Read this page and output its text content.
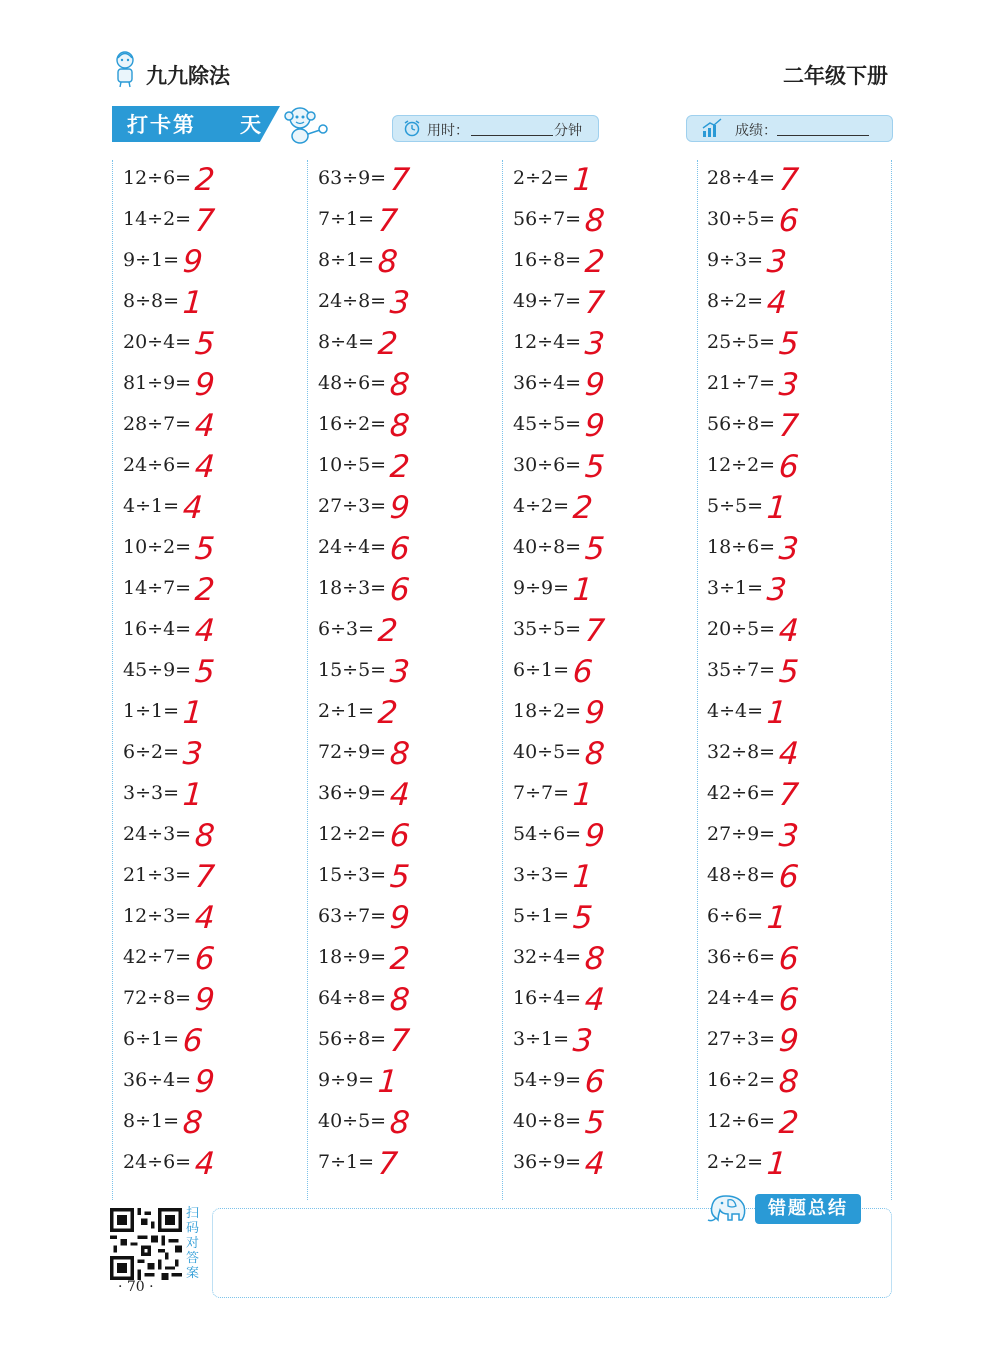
九九除法	二年级下册
打卡第 天	用时：	分钟	成绩：
12÷6= 2
14÷2= 7
9÷1= 9
8÷8= 1
20÷4= 5
81÷9= 9
28÷7= 4
24÷6= 4
4÷1= 4
10÷2= 5
14÷7= 2
16÷4= 4
45÷9= 5
1÷1= 1
6÷2= 3
3÷3= 1
24÷3= 8
21÷3= 7
12÷3= 4
42÷7= 6
72÷8= 9
6÷1= 6
36÷4= 9
8÷1= 8
24÷6= 4
63÷9= 7
7÷1= 7
8÷1= 8
24÷8= 3
8÷4= 2
48÷6= 8
16÷2= 8
10÷5= 2
27÷3= 9
24÷4= 6
18÷3= 6
6÷3= 2
15÷5= 3
2÷1= 2
72÷9= 8
36÷9= 4
12÷2= 6
15÷3= 5
63÷7= 9
18÷9= 2
64÷8= 8
56÷8= 7
9÷9= 1
40÷5= 8
7÷1= 7
2÷2= 1
56÷7= 8
16÷8= 2
49÷7= 7
12÷4= 3
36÷4= 9
45÷5= 9
30÷6= 5
4÷2= 2
40÷8= 5
9÷9= 1
35÷5= 7
6÷1= 6
18÷2= 9
40÷5= 8
7÷7= 1
54÷6= 9
3÷3= 1
5÷1= 5
32÷4= 8
16÷4= 4
3÷1= 3
54÷9= 6
40÷8= 5
36÷9= 4
28÷4= 7
30÷5= 6
9÷3= 3
8÷2= 4
25÷5= 5
21÷7= 3
56÷8= 7
12÷2= 6
5÷5= 1
18÷6= 3
3÷1= 3
20÷5= 4
35÷7= 5
4÷4= 1
32÷8= 4
42÷6= 7
27÷9= 3
48÷8= 6
6÷6= 1
36÷6= 6
24÷4= 6
27÷3= 9
16÷2= 8
12÷6= 2
2÷2= 1
扫码对答案
· 70 ·
错题总结
